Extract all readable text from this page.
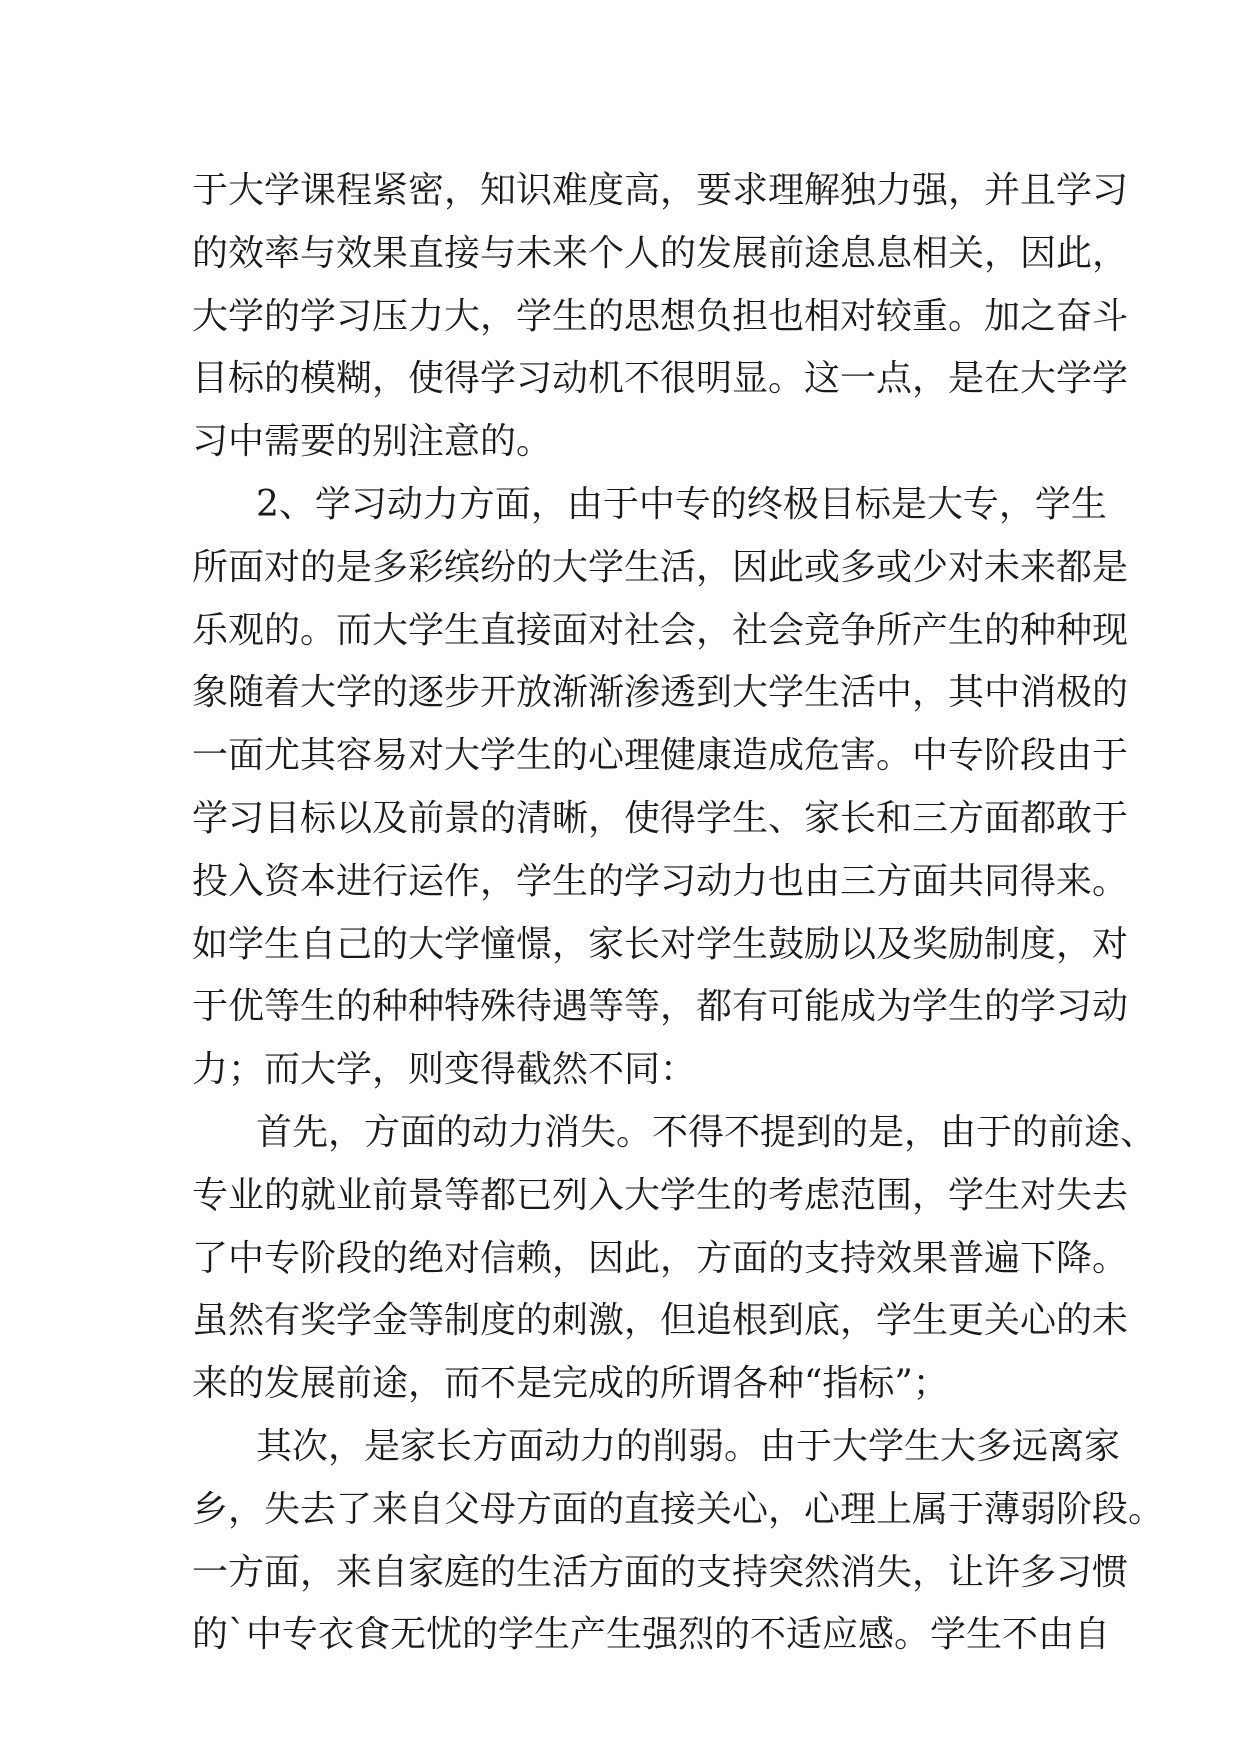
于大学课程紧密，知识难度高，要求理解独力强，并且学习
的效率与效果直接与未来个人的发展前途息息相关，因此，
大学的学习压力大，学生的思想负担也相对较重。加之奋斗
目标的模糊，使得学习动机不很明显。这一点，是在大学学
习中需要的别注意的。
2、学习动力方面，由于中专的终极目标是大专，学生
所面对的是多彩缤纷的大学生活，因此或多或少对未来都是
乐观的。而大学生直接面对社会，社会竞争所产生的种种现
象随着大学的逐步开放渐渐渗透到大学生活中，其中消极的
一面尤其容易对大学生的心理健康造成危害。中专阶段由于
学习目标以及前景的清晰，使得学生、家长和三方面都敢于
投入资本进行运作，学生的学习动力也由三方面共同得来。
如学生自己的大学憧憬，家长对学生鼓励以及奖励制度，对
于优等生的种种特殊待遇等等，都有可能成为学生的学习动
力；而大学，则变得截然不同：
首先，方面的动力消失。不得不提到的是，由于的前途、
专业的就业前景等都已列入大学生的考虑范围，学生对失去
了中专阶段的绝对信赖，因此，方面的支持效果普遍下降。
虽然有奖学金等制度的刺激，但追根到底，学生更关心的未
来的发展前途，而不是完成的所谓各种“指标”；
其次，是家长方面动力的削弱。由于大学生大多远离家
乡，失去了来自父母方面的直接关心，心理上属于薄弱阶段。
一方面，来自家庭的生活方面的支持突然消失，让许多习惯
的`中专衣食无忧的学生产生强烈的不适应感。学生不由自
